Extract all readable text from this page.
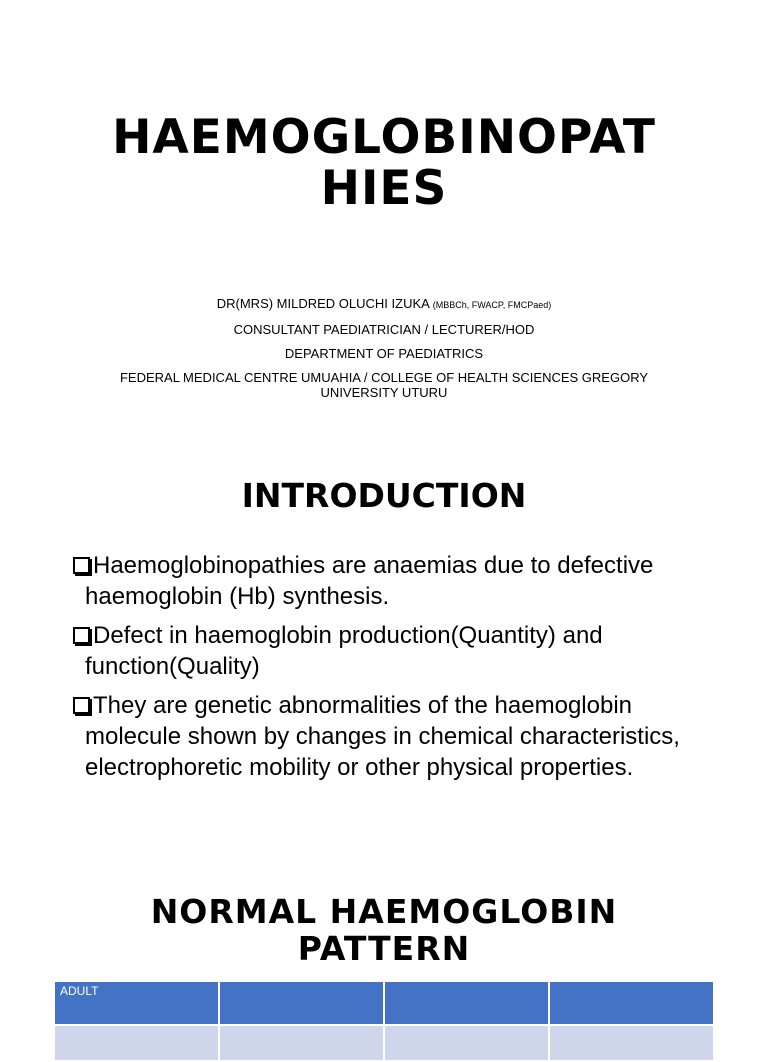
HAEMOGLOBINOPAT
HIES
DR(MRS) MILDRED OLUCHI IZUKA (MBBCh, FWACP, FMCPaed)
CONSULTANT PAEDIATRICIAN / LECTURER/HOD
DEPARTMENT OF PAEDIATRICS
FEDERAL MEDICAL CENTRE UMUAHIA / COLLEGE OF HEALTH SCIENCES GREGORY UNIVERSITY UTURU
INTRODUCTION
Haemoglobinopathies are anaemias due to defective haemoglobin (Hb) synthesis.
Defect in haemoglobin production(Quantity) and function(Quality)
They are genetic abnormalities of the haemoglobin molecule shown by changes in chemical characteristics, electrophoretic mobility or other physical properties.
NORMAL HAEMOGLOBIN
PATTERN
ADULT			
